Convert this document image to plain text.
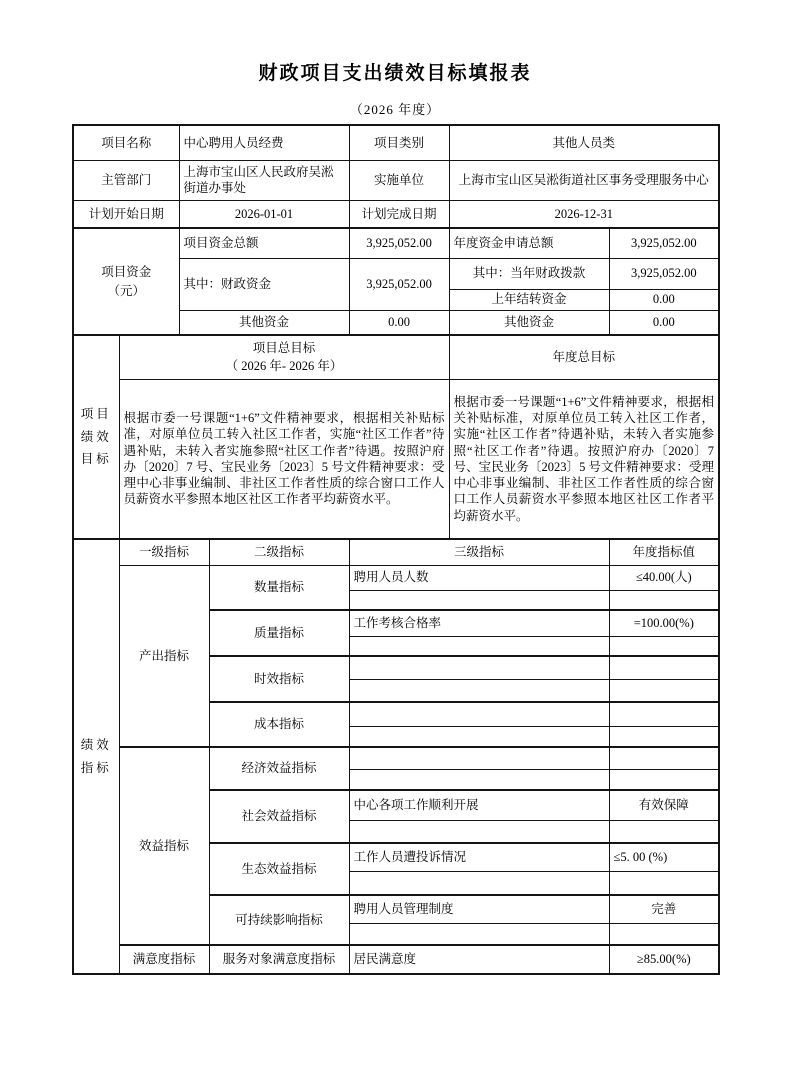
财政项目支出绩效目标填报表
（2026 年度）
项目名称		中心聘用人员经费		项目类别	其他人员类	
主管部门		上海市宝山区人民政府吴淞街道办事处		实施单位	上海市宝山区吴淞街道社区事务受理服务中心	
计划开始日期		2026-01-01		计划完成日期	2026-12-31	

项目资金
（元）		项目资金总额		3,925,052.00	年度资金申请总额	3,925,052.00
		其中：财政资金		3,925,052.00	其中：当年财政拨款	3,925,052.00
					上年结转资金	0.00
		其他资金		0.00	其他资金	0.00

项目
绩效
目标

项目总目标
（ 2026 年- 2026 年）
	年度总目标
	根据市委一号课题“1+6”文件精神要求，根据相关补贴标准，对原单位员工转入社区工作者，实施“社区工作者”待遇补贴，未转入者实施参照“社区工作者”待遇。按照沪府办〔2020〕7 号、宝民业务〔2023〕5 号文件精神要求：受理中心非事业编制、非社区工作者性质的综合窗口工作人员薪资水平参照本地区社区工作者平均薪资水平。				根据市委一号课题“1+6”文件精神要求，根据相关补贴标准，对原单位员工转入社区工作者，实施“社区工作者”待遇补贴，未转入者实施参照“社区工作者”待遇。按照沪府办〔2020〕7 号、宝民业务〔2023〕5 号文件精神要求：受理中心非事业编制、非社区工作者性质的综合窗口工作人员薪资水平参照本地区社区工作者平均薪资水平。	

绩效
指标	一级指标		二级指标	三级指标		年度指标值
	产出指标		数量指标	聘用人员人数		≤40.00(人)

			质量指标	工作考核合格率		=100.00(%)

			时效指标			

			成本指标			

	效益指标		经济效益指标			

			社会效益指标	中心各项工作顺利开展		有效保障

			生态效益指标	工作人员遭投诉情况		≤5. 00 (%)

			可持续影响指标	聘用人员管理制度		完善

	满意度指标		服务对象满意度指标	居民满意度		≥85.00(%)
